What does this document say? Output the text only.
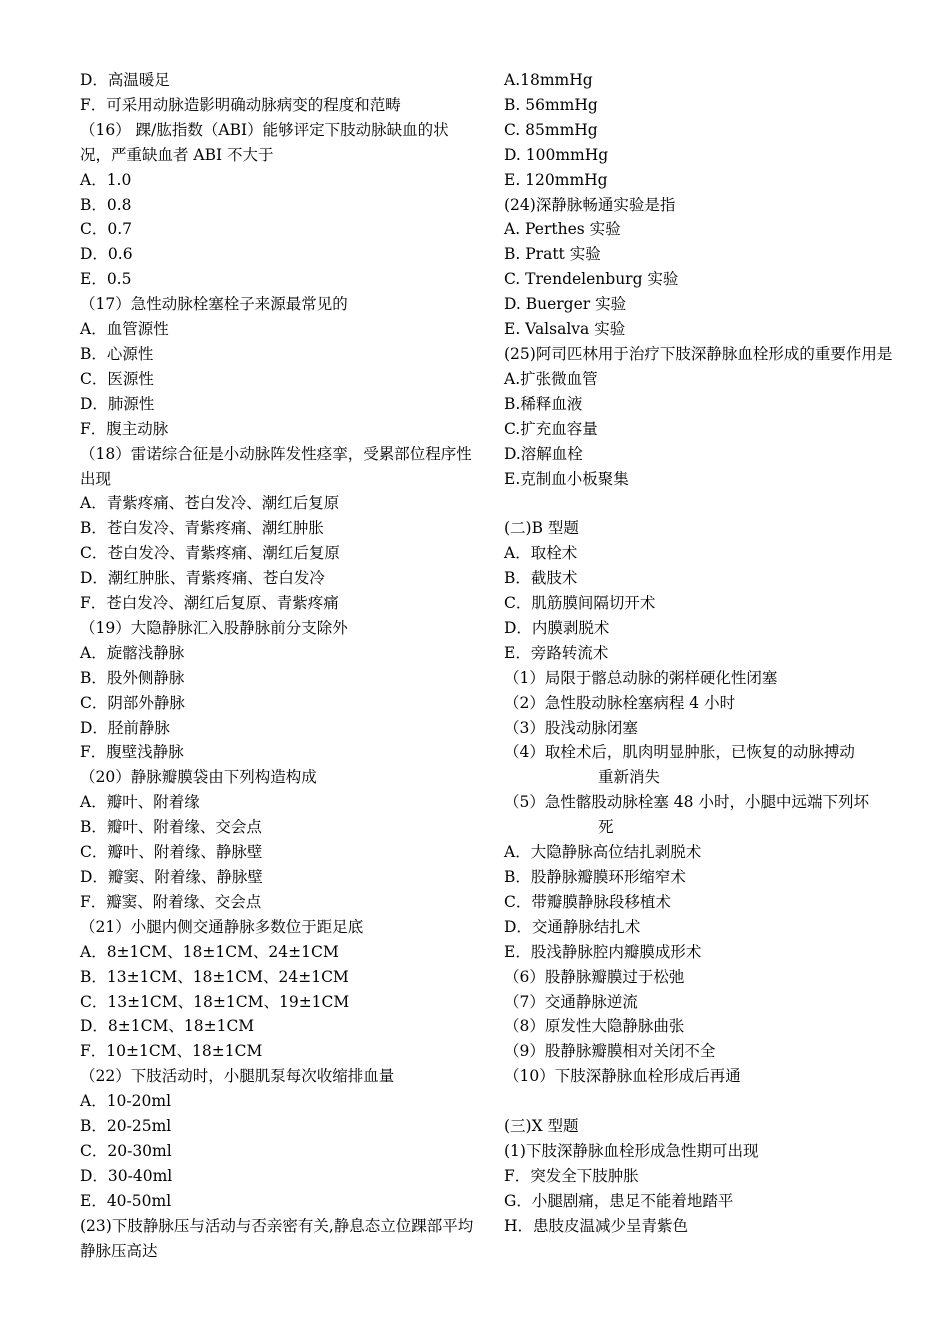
D．高温暖足
F．可采用动脉造影明确动脉病变的程度和范畴
（16） 踝/肱指数（ABI）能够评定下肢动脉缺血的状况，严重缺血者 ABI 不大于
A．1.0
B．0.8
C．0.7
D．0.6
E．0.5
（17）急性动脉栓塞栓子来源最常见的
A．血管源性
B．心源性
C．医源性
D．肺源性
F．腹主动脉
（18）雷诺综合征是小动脉阵发性痉挛，受累部位程序性出现
A．青紫疼痛、苍白发冷、潮红后复原
B．苍白发冷、青紫疼痛、潮红肿胀
C．苍白发冷、青紫疼痛、潮红后复原
D．潮红肿胀、青紫疼痛、苍白发冷
F．苍白发冷、潮红后复原、青紫疼痛
（19）大隐静脉汇入股静脉前分支除外
A．旋髂浅静脉
B．股外侧静脉
C．阴部外静脉
D．胫前静脉
F．腹壁浅静脉
（20）静脉瓣膜袋由下列构造构成
A．瓣叶、附着缘
B．瓣叶、附着缘、交会点
C．瓣叶、附着缘、静脉壁
D．瓣窦、附着缘、静脉壁
F．瓣窦、附着缘、交会点
（21）小腿内侧交通静脉多数位于距足底
A．8±1CM、18±1CM、24±1CM
B．13±1CM、18±1CM、24±1CM
C．13±1CM、18±1CM、19±1CM
D．8±1CM、18±1CM
F．10±1CM、18±1CM
（22）下肢活动时，小腿肌泵每次收缩排血量
A．10-20ml
B．20-25ml
C．20-30ml
D．30-40ml
E．40-50ml
(23)下肢静脉压与活动与否亲密有关,静息态立位踝部平均静脉压高达
A.18mmHg
B. 56mmHg
C. 85mmHg
D. 100mmHg
E. 120mmHg
(24)深静脉畅通实验是指
A. Perthes 实验
B. Pratt 实验
C. Trendelenburg 实验
D. Buerger 实验
E. Valsalva 实验
(25)阿司匹林用于治疗下肢深静脉血栓形成的重要作用是
A.扩张微血管
B.稀释血液
C.扩充血容量
D.溶解血栓
E.克制血小板聚集
(二)B 型题
A．取栓术
B．截肢术
C．肌筋膜间隔切开术
D．内膜剥脱术
E．旁路转流术
（1）局限于髂总动脉的粥样硬化性闭塞
（2）急性股动脉栓塞病程 4 小时
（3）股浅动脉闭塞
（4）取栓术后，肌肉明显肿胀，已恢复的动脉搏动
重新消失
（5）急性髂股动脉栓塞 48 小时，小腿中远端下列坏
死
A．大隐静脉高位结扎剥脱术
B．股静脉瓣膜环形缩窄术
C．带瓣膜静脉段移植术
D．交通静脉结扎术
E．股浅静脉腔内瓣膜成形术
（6）股静脉瓣膜过于松弛
（7）交通静脉逆流
（8）原发性大隐静脉曲张
（9）股静脉瓣膜相对关闭不全
（10）下肢深静脉血栓形成后再通
(三)X 型题
(1)下肢深静脉血栓形成急性期可出现
F．突发全下肢肿胀
G．小腿剧痛，患足不能着地踏平
H．患肢皮温减少呈青紫色
